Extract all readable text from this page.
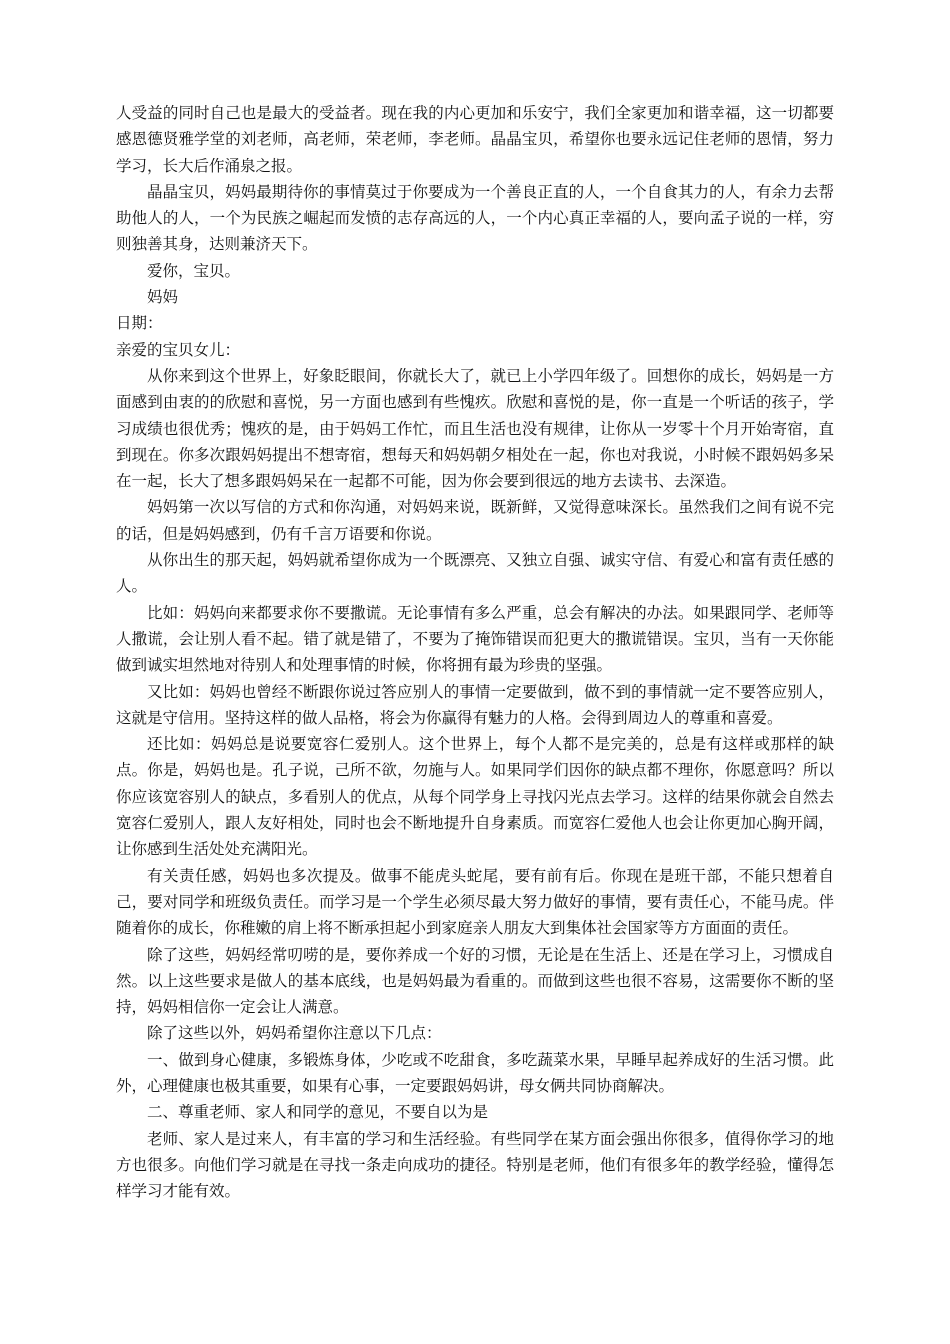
人受益的同时自己也是最大的受益者。现在我的内心更加和乐安宁，我们全家更加和谐幸福，这一切都要感恩德贤雅学堂的刘老师，高老师，荣老师，李老师。晶晶宝贝，希望你也要永远记住老师的恩情，努力学习，长大后作涌泉之报。

晶晶宝贝，妈妈最期待你的事情莫过于你要成为一个善良正直的人，一个自食其力的人，有余力去帮助他人的人，一个为民族之崛起而发愤的志存高远的人，一个内心真正幸福的人，要向孟子说的一样，穷则独善其身，达则兼济天下。

爱你，宝贝。

妈妈

日期：

亲爱的宝贝女儿：

从你来到这个世界上，好象眨眼间，你就长大了，就已上小学四年级了。回想你的成长，妈妈是一方面感到由衷的的欣慰和喜悦，另一方面也感到有些愧疚。欣慰和喜悦的是，你一直是一个听话的孩子，学习成绩也很优秀；愧疚的是，由于妈妈工作忙，而且生活也没有规律，让你从一岁零十个月开始寄宿，直到现在。你多次跟妈妈提出不想寄宿，想每天和妈妈朝夕相处在一起，你也对我说，小时候不跟妈妈多呆在一起，长大了想多跟妈妈呆在一起都不可能，因为你会要到很远的地方去读书、去深造。

妈妈第一次以写信的方式和你沟通，对妈妈来说，既新鲜，又觉得意味深长。虽然我们之间有说不完的话，但是妈妈感到，仍有千言万语要和你说。

从你出生的那天起，妈妈就希望你成为一个既漂亮、又独立自强、诚实守信、有爱心和富有责任感的人。

比如：妈妈向来都要求你不要撒谎。无论事情有多么严重，总会有解决的办法。如果跟同学、老师等人撒谎，会让别人看不起。错了就是错了，不要为了掩饰错误而犯更大的撒谎错误。宝贝，当有一天你能做到诚实坦然地对待别人和处理事情的时候，你将拥有最为珍贵的坚强。

又比如：妈妈也曾经不断跟你说过答应别人的事情一定要做到，做不到的事情就一定不要答应别人，这就是守信用。坚持这样的做人品格，将会为你赢得有魅力的人格。会得到周边人的尊重和喜爱。

还比如：妈妈总是说要宽容仁爱别人。这个世界上，每个人都不是完美的，总是有这样或那样的缺点。你是，妈妈也是。孔子说，己所不欲，勿施与人。如果同学们因你的缺点都不理你，你愿意吗？所以你应该宽容别人的缺点，多看别人的优点，从每个同学身上寻找闪光点去学习。这样的结果你就会自然去宽容仁爱别人，跟人友好相处，同时也会不断地提升自身素质。而宽容仁爱他人也会让你更加心胸开阔，让你感到生活处处充满阳光。

有关责任感，妈妈也多次提及。做事不能虎头蛇尾，要有前有后。你现在是班干部，不能只想着自己，要对同学和班级负责任。而学习是一个学生必须尽最大努力做好的事情，要有责任心，不能马虎。伴随着你的成长，你稚嫩的肩上将不断承担起小到家庭亲人朋友大到集体社会国家等方方面面的责任。

除了这些，妈妈经常叨唠的是，要你养成一个好的习惯，无论是在生活上、还是在学习上，习惯成自然。以上这些要求是做人的基本底线，也是妈妈最为看重的。而做到这些也很不容易，这需要你不断的坚持，妈妈相信你一定会让人满意。

除了这些以外，妈妈希望你注意以下几点：

一、做到身心健康，多锻炼身体，少吃或不吃甜食，多吃蔬菜水果，早睡早起养成好的生活习惯。此外，心理健康也极其重要，如果有心事，一定要跟妈妈讲，母女俩共同协商解决。

二、尊重老师、家人和同学的意见，不要自以为是

老师、家人是过来人，有丰富的学习和生活经验。有些同学在某方面会强出你很多，值得你学习的地方也很多。向他们学习就是在寻找一条走向成功的捷径。特别是老师，他们有很多年的教学经验，懂得怎样学习才能有效。
